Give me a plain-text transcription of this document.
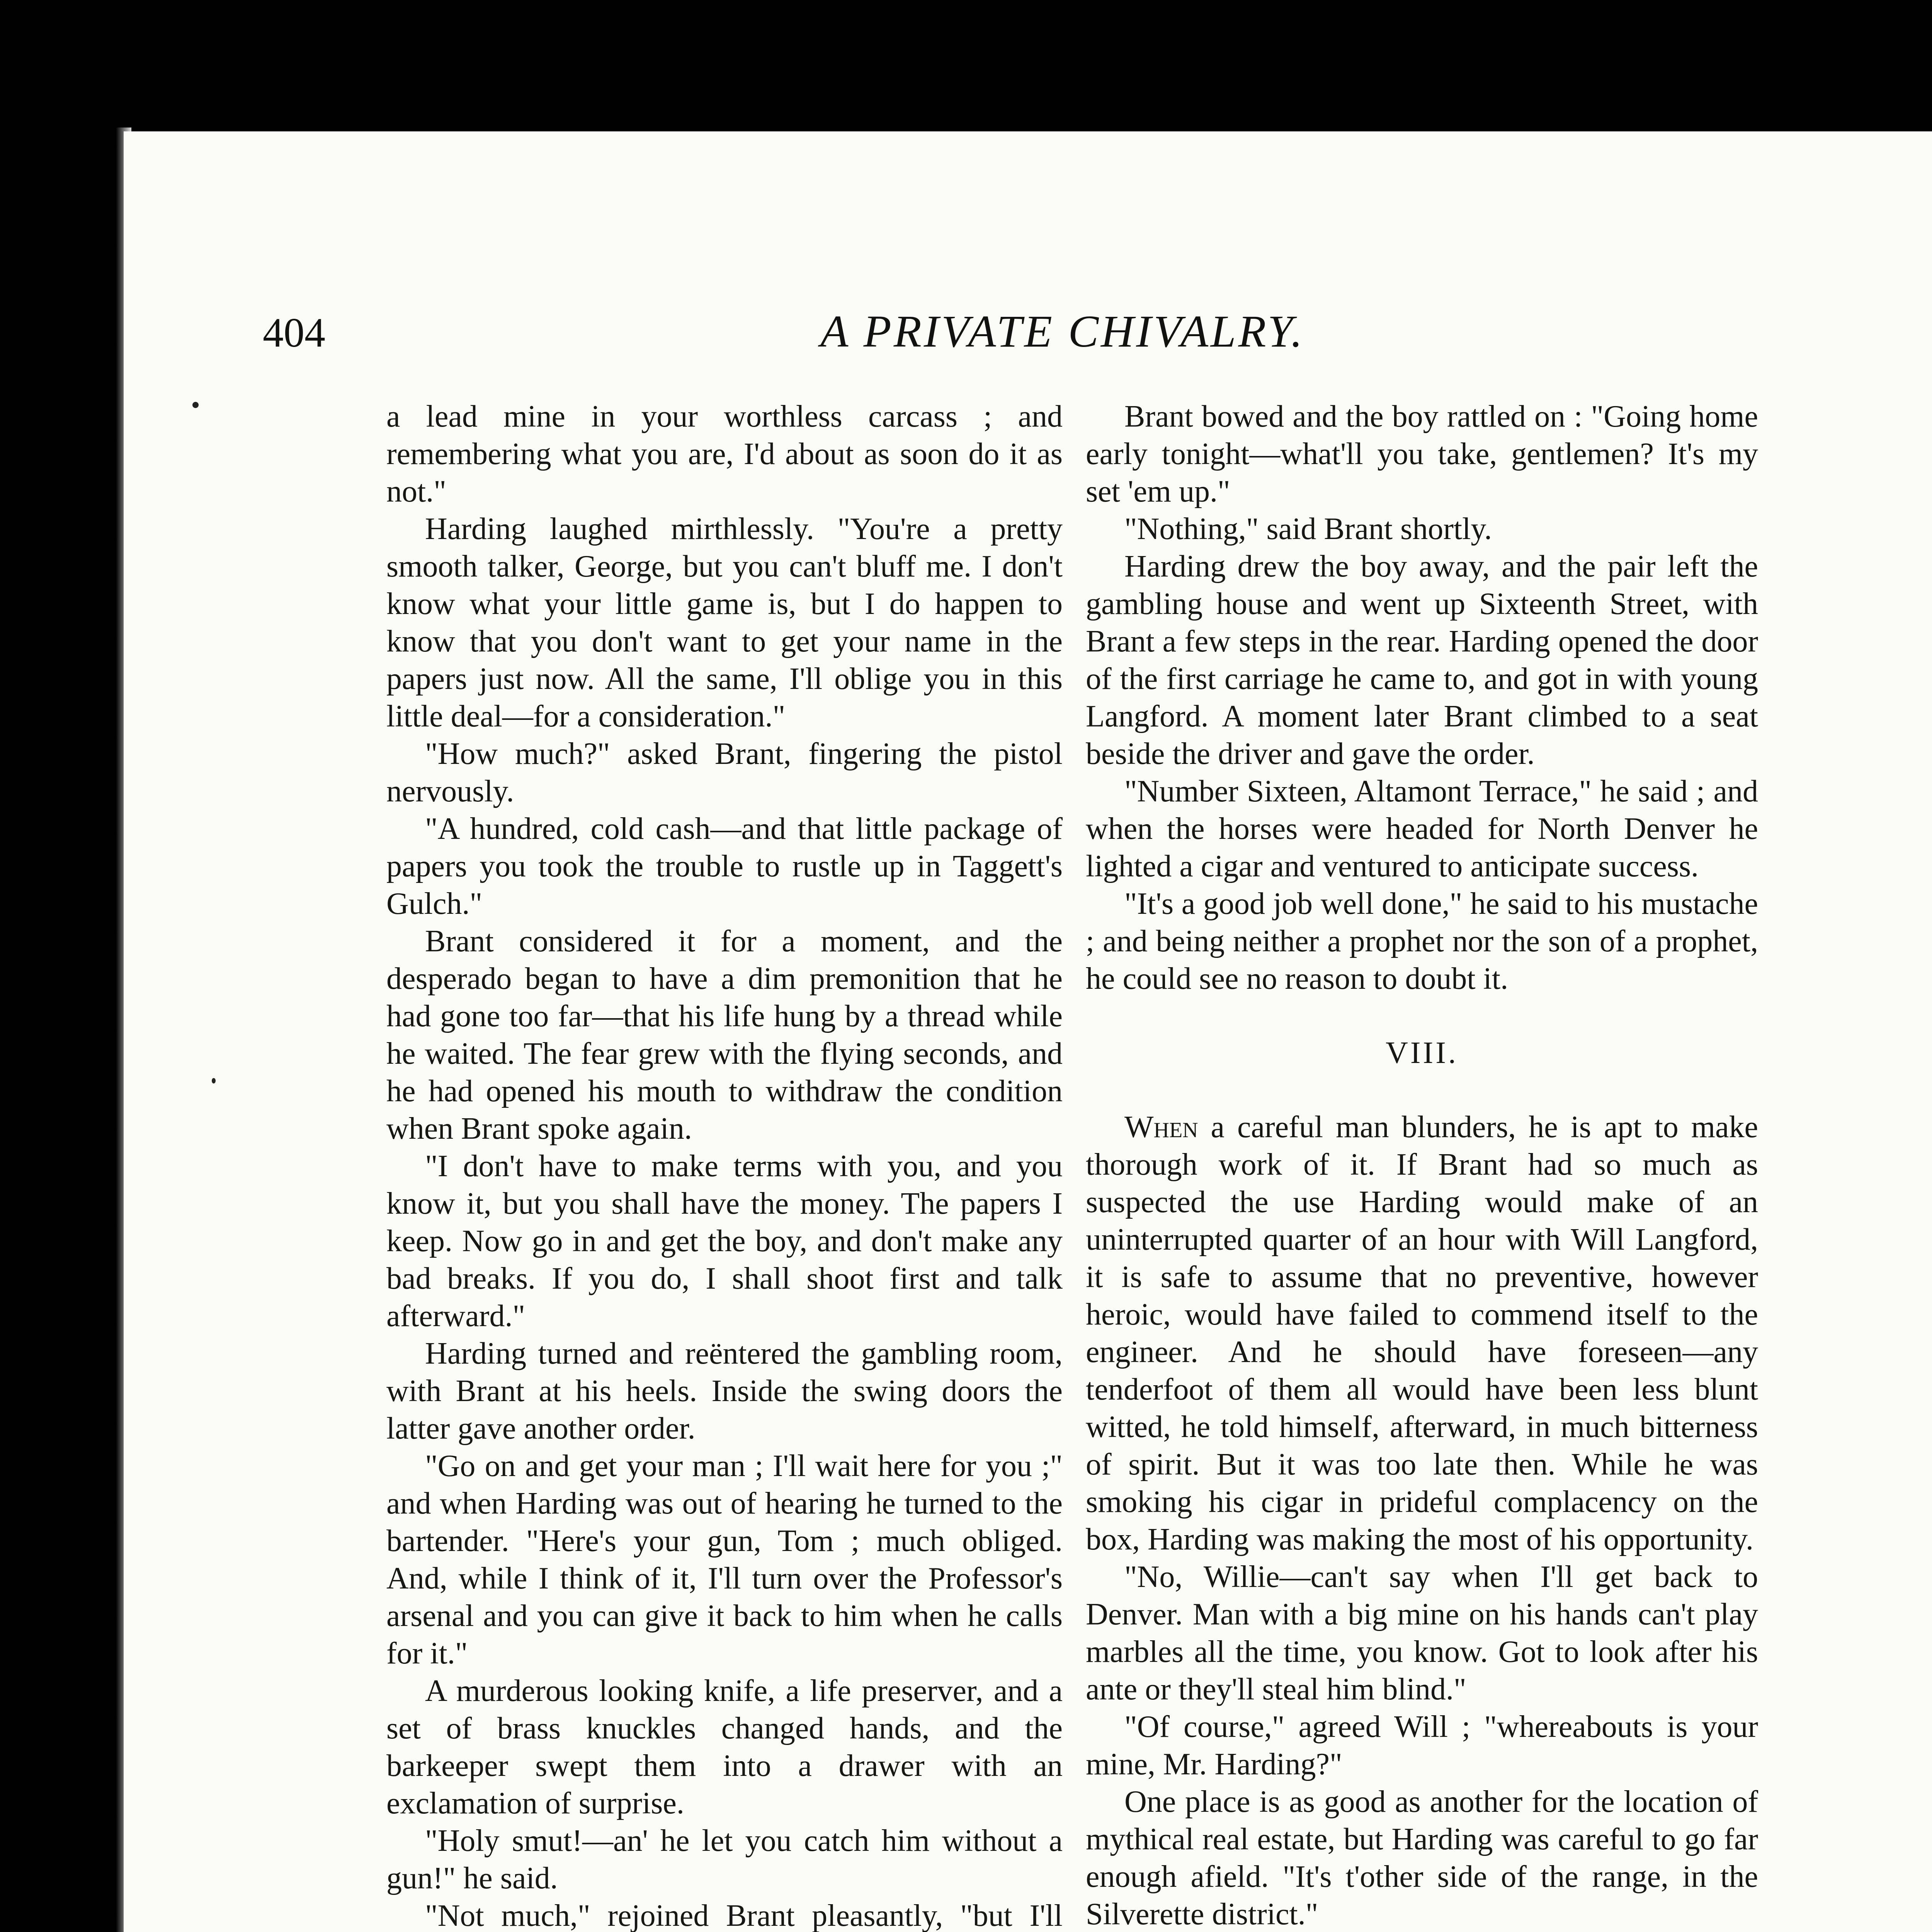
404	A PRIVATE CHIVALRY.

a lead mine in your worthless carcass ; and remembering what you are, I'd about as soon do it as not."

Harding laughed mirthlessly. "You're a pretty smooth talker, George, but you can't bluff me. I don't know what your little game is, but I do happen to know that you don't want to get your name in the papers just now. All the same, I'll oblige you in this little deal—for a consideration."

"How much?" asked Brant, fingering the pistol nervously.

"A hundred, cold cash—and that little package of papers you took the trouble to rustle up in Taggett's Gulch."

Brant considered it for a moment, and the desperado began to have a dim premonition that he had gone too far—that his life hung by a thread while he waited. The fear grew with the flying seconds, and he had opened his mouth to withdraw the condition when Brant spoke again.

"I don't have to make terms with you, and you know it, but you shall have the money. The papers I keep. Now go in and get the boy, and don't make any bad breaks. If you do, I shall shoot first and talk afterward."

Harding turned and reëntered the gambling room, with Brant at his heels. Inside the swing doors the latter gave another order.

"Go on and get your man ; I'll wait here for you ;" and when Harding was out of hearing he turned to the bartender. "Here's your gun, Tom ; much obliged. And, while I think of it, I'll turn over the Professor's arsenal and you can give it back to him when he calls for it."

A murderous looking knife, a life preserver, and a set of brass knuckles changed hands, and the barkeeper swept them into a drawer with an exclamation of surprise.

"Holy smut!—an' he let you catch him without a gun!" he said.

"Not much," rejoined Brant pleasantly, "but I'll

Brant bowed and the boy rattled on : "Going home early tonight—what'll you take, gentlemen? It's my set 'em up."

"Nothing," said Brant shortly.

Harding drew the boy away, and the pair left the gambling house and went up Sixteenth Street, with Brant a few steps in the rear. Harding opened the door of the first carriage he came to, and got in with young Langford. A moment later Brant climbed to a seat beside the driver and gave the order.

"Number Sixteen, Altamont Terrace," he said ; and when the horses were headed for North Denver he lighted a cigar and ventured to anticipate success.

"It's a good job well done," he said to his mustache ; and being neither a prophet nor the son of a prophet, he could see no reason to doubt it.

VIII.

When a careful man blunders, he is apt to make thorough work of it. If Brant had so much as suspected the use Harding would make of an uninterrupted quarter of an hour with Will Langford, it is safe to assume that no preventive, however heroic, would have failed to commend itself to the engineer. And he should have foreseen—any tenderfoot of them all would have been less blunt witted, he told himself, afterward, in much bitterness of spirit. But it was too late then. While he was smoking his cigar in prideful complacency on the box, Harding was making the most of his opportunity.

"No, Willie—can't say when I'll get back to Denver. Man with a big mine on his hands can't play marbles all the time, you know. Got to look after his ante or they'll steal him blind."

"Of course," agreed Will ; "whereabouts is your mine, Mr. Harding?"

One place is as good as another for the location of mythical real estate, but Harding was careful to go far enough afield. "It's t'other side of the range, in the Silverette district."
